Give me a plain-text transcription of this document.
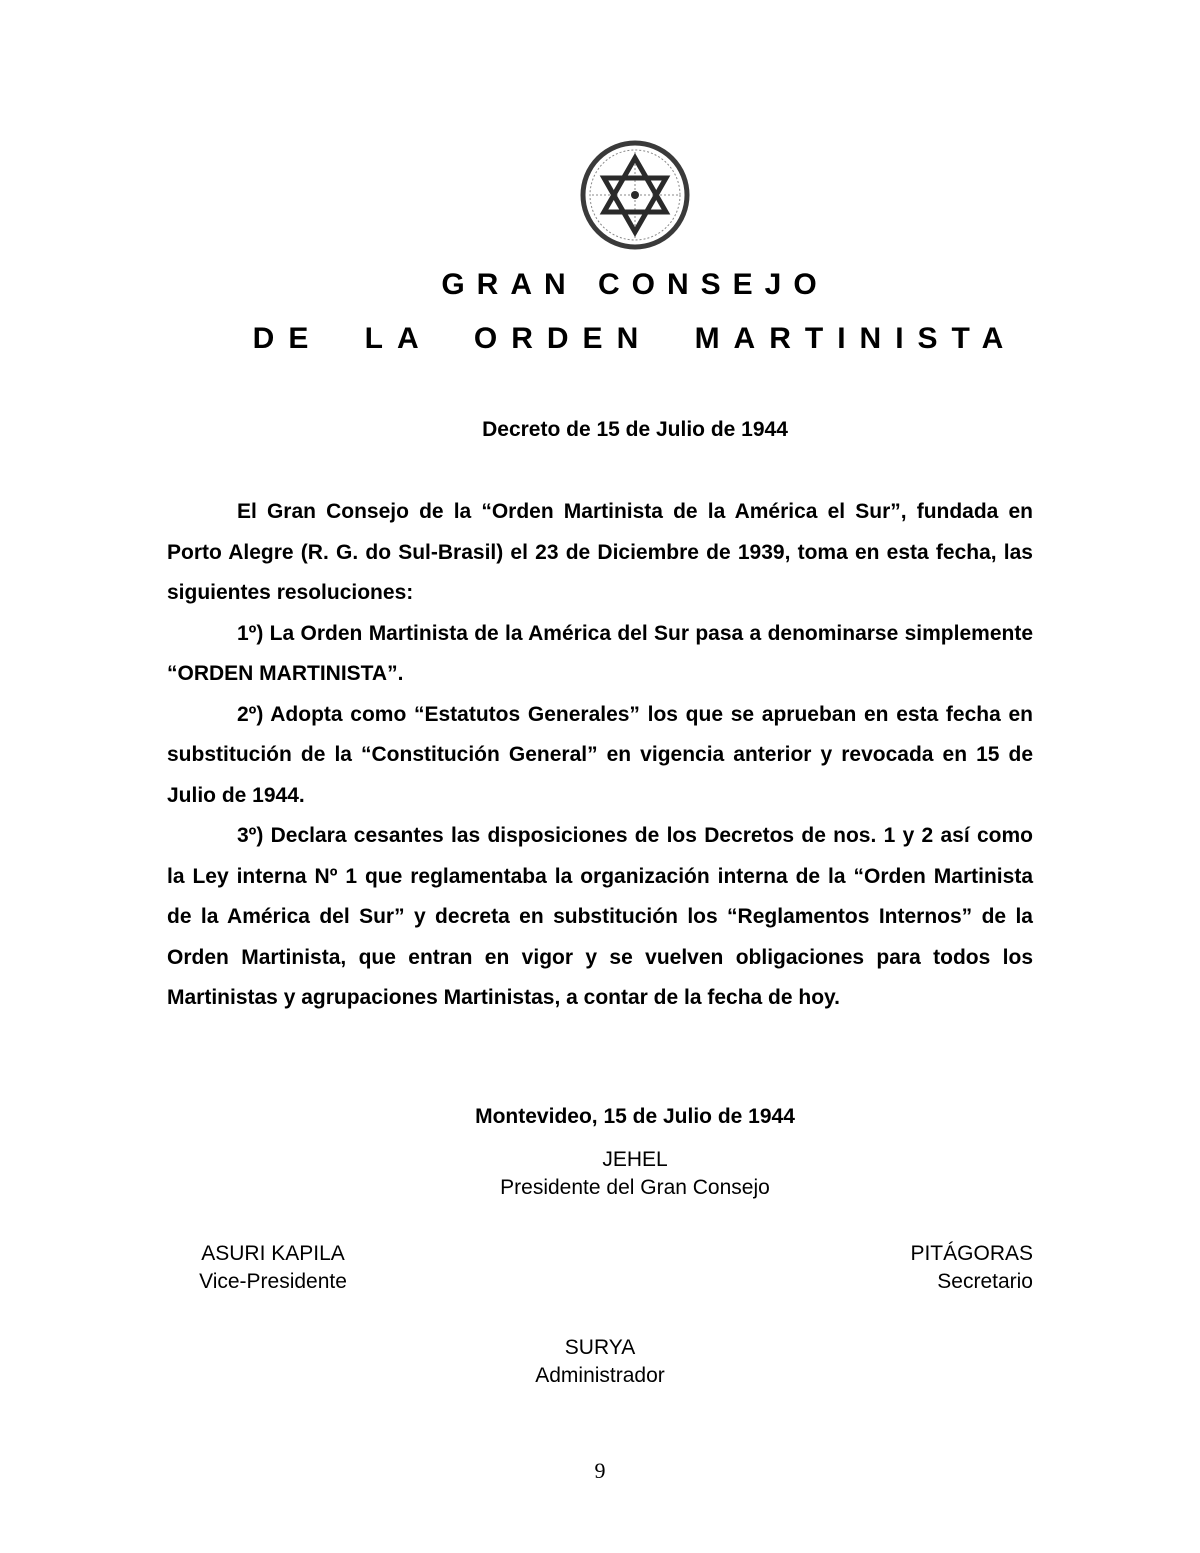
GRAN CONSEJO
DE LA ORDEN MARTINISTA

Decreto de 15 de Julio de 1944

El Gran Consejo de la “Orden Martinista de la América el Sur”, fundada en Porto Alegre (R. G. do Sul-Brasil) el 23 de Diciembre de 1939, toma en esta fecha, las siguientes resoluciones:

1º) La Orden Martinista de la América del Sur pasa a denominarse simplemente “ORDEN MARTINISTA”.

2º) Adopta como “Estatutos Generales” los que se aprueban en esta fecha en substitución de la “Constitución General” en vigencia anterior y revocada en 15 de Julio de 1944.

3º) Declara cesantes las disposiciones de los Decretos de nos. 1 y 2 así como la Ley interna Nº 1 que reglamentaba la organización interna de la “Orden Martinista de la América del Sur” y decreta en substitución los “Reglamentos Internos” de la Orden Martinista, que entran en vigor y se vuelven obligaciones para todos los Martinistas y agrupaciones Martinistas, a contar de la fecha de hoy.

Montevideo, 15 de Julio de 1944

JEHEL
Presidente del Gran Consejo
ASURI KAPILA
Vice-Presidente
PITÁGORAS
Secretario
SURYA
Administrador

9
